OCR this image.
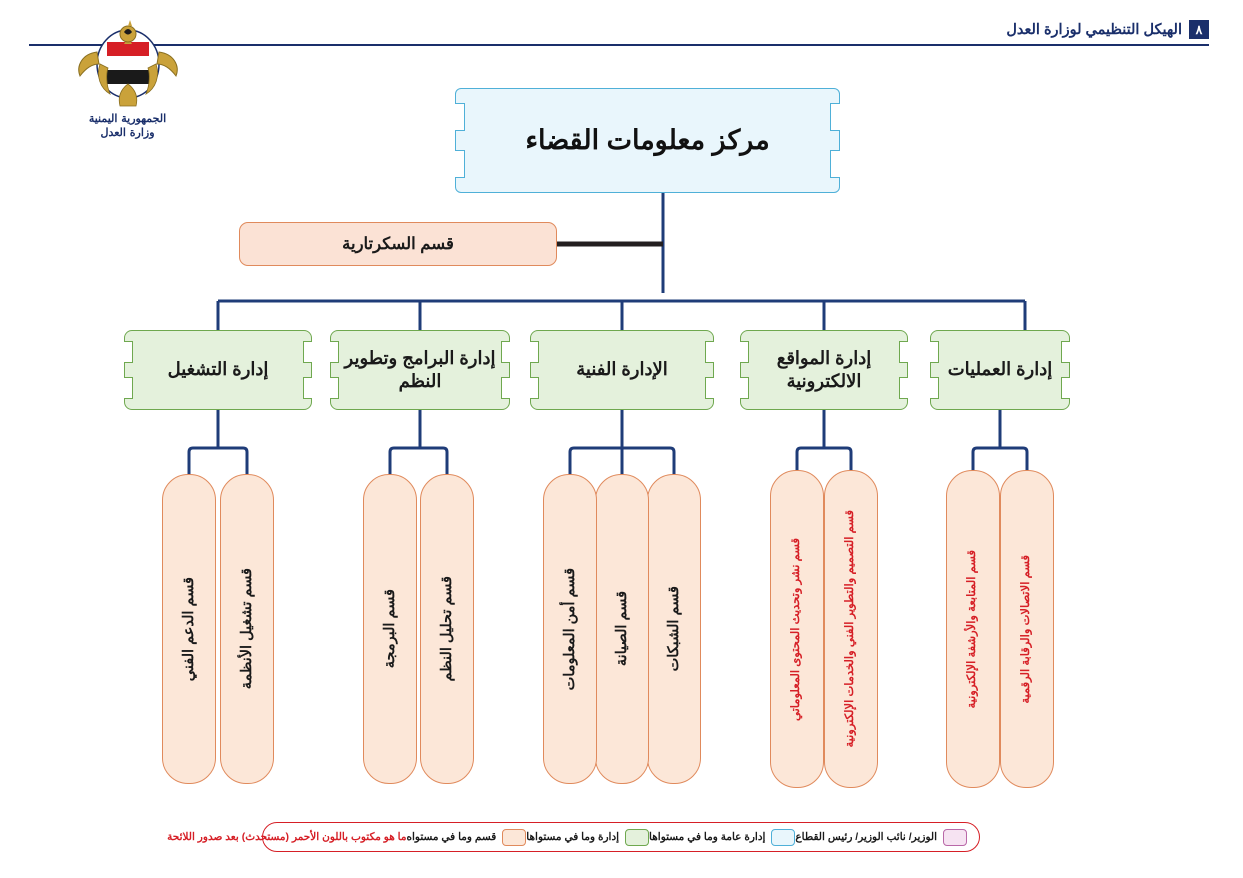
٨
الهيكل التنظيمي لوزارة العدل
الجمهورية اليمنية
وزارة العدل	مركز معلومات القضاء
قسم السكرتارية
إدارة العمليات
إدارة المواقع الالكترونية
الإدارة الفنية
إدارة البرامج وتطوير النظم
إدارة التشغيل
قسم الاتصالات والرقابة الرقمية
قسم المتابعة والأرشفة الإلكترونية
قسم التصميم والتطوير الفني والخدمات الإلكترونية
قسم نشر وتحديث المحتوى المعلوماتي
قسم الشبكات
قسم الصيانة
قسم أمن المعلومات
قسم تحليل النظم
قسم البرمجة
قسم تشغيل الأنظمة
قسم الدعم الفني
الوزير/ نائب الوزير/ رئيس القطاع
إدارة عامة وما في مستواها
إدارة وما في مستواها
قسم وما في مستواه
ما هو مكتوب باللون الأحمر (مستحدث) بعد صدور اللائحة
